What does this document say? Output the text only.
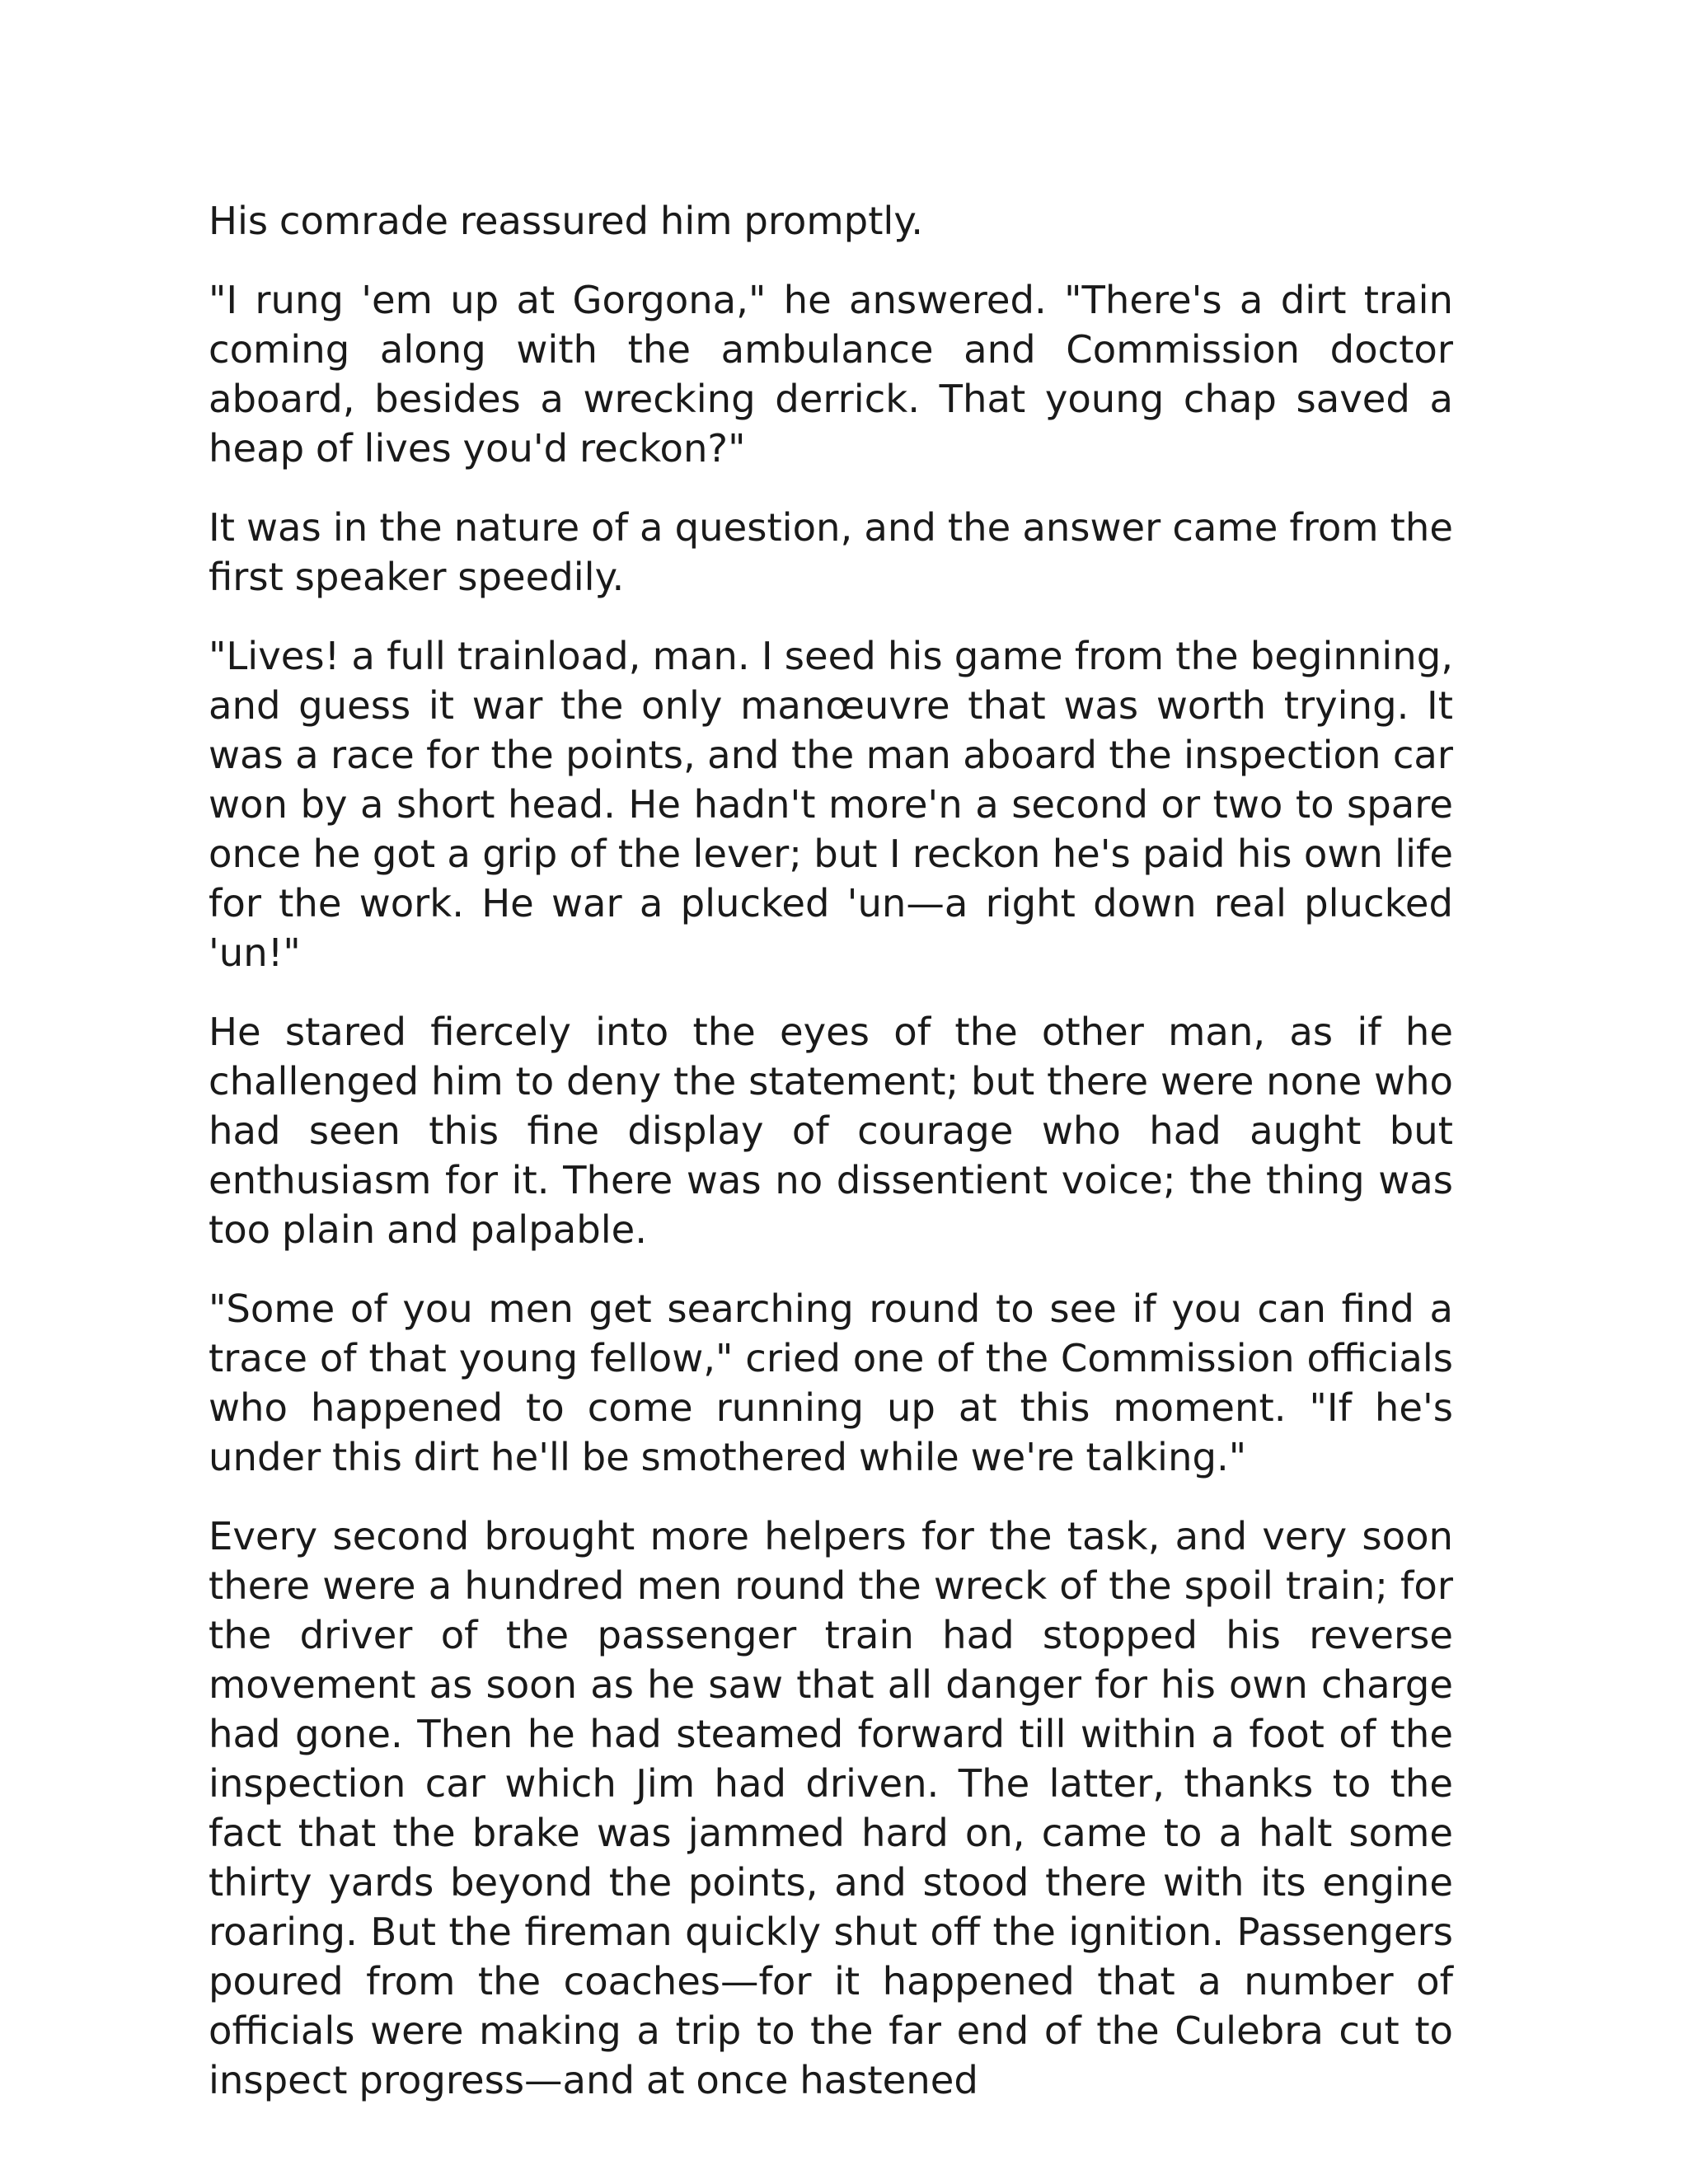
His comrade reassured him promptly.

"I rung 'em up at Gorgona," he answered. "There's a dirt train coming along with the ambulance and Commission doctor aboard, besides a wrecking derrick. That young chap saved a heap of lives you'd reckon?"

It was in the nature of a question, and the answer came from the first speaker speedily.

"Lives! a full trainload, man. I seed his game from the beginning, and guess it war the only manœuvre that was worth trying. It was a race for the points, and the man aboard the inspection car won by a short head. He hadn't more'n a second or two to spare once he got a grip of the lever; but I reckon he's paid his own life for the work. He war a plucked 'un—a right down real plucked 'un!"

He stared fiercely into the eyes of the other man, as if he challenged him to deny the statement; but there were none who had seen this fine display of courage who had aught but enthusiasm for it. There was no dissentient voice; the thing was too plain and palpable.

"Some of you men get searching round to see if you can find a trace of that young fellow," cried one of the Commission officials who happened to come running up at this moment. "If he's under this dirt he'll be smothered while we're talking."

Every second brought more helpers for the task, and very soon there were a hundred men round the wreck of the spoil train; for the driver of the passenger train had stopped his reverse movement as soon as he saw that all danger for his own charge had gone. Then he had steamed forward till within a foot of the inspection car which Jim had driven. The latter, thanks to the fact that the brake was jammed hard on, came to a halt some thirty yards beyond the points, and stood there with its engine roaring. But the fireman quickly shut off the ignition. Passengers poured from the coaches—for it happened that a number of officials were making a trip to the far end of the Culebra cut to inspect progress—and at once hastened
